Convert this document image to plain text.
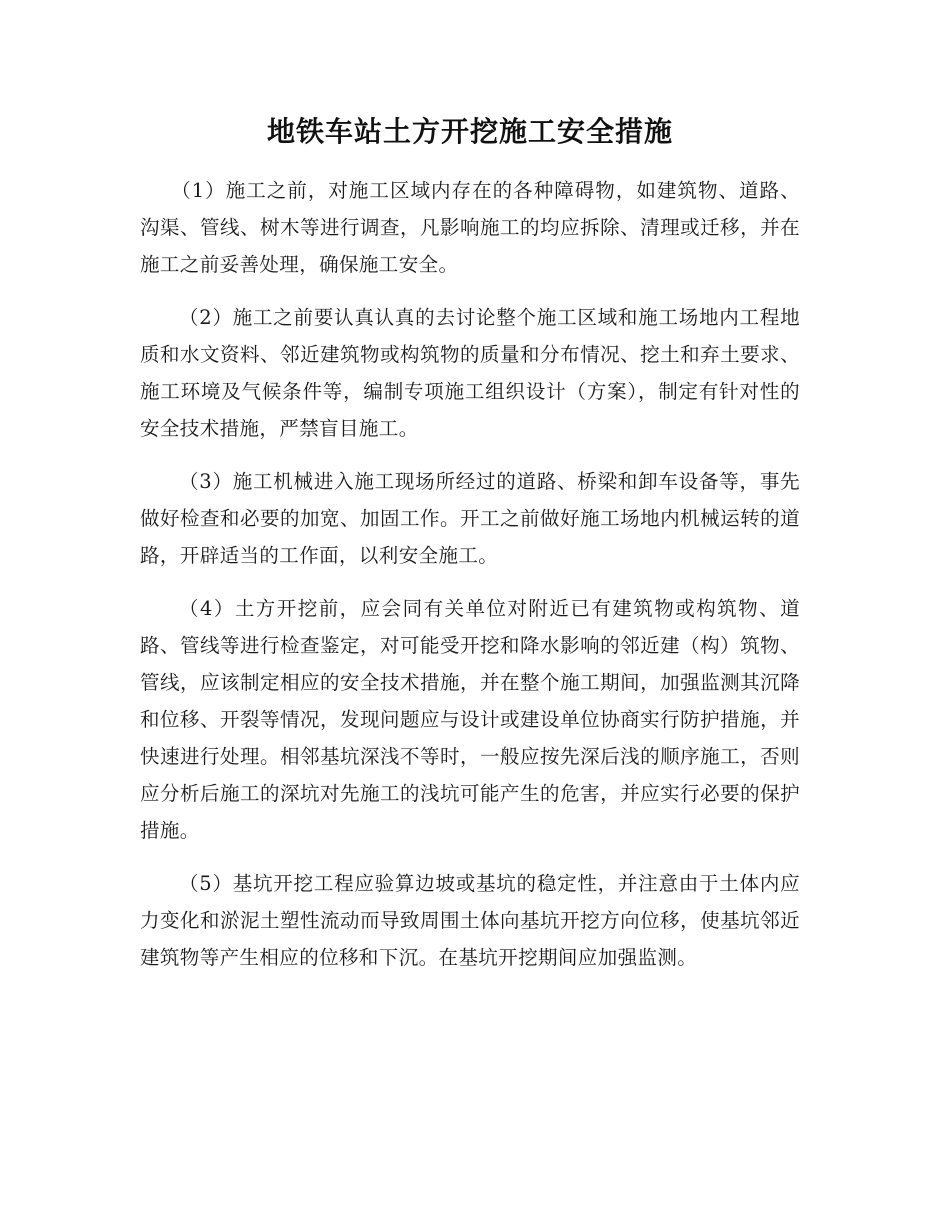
地铁车站土方开挖施工安全措施

（1）施工之前，对施工区域内存在的各种障碍物，如建筑物、道路、沟渠、管线、树木等进行调查，凡影响施工的均应拆除、清理或迁移，并在施工之前妥善处理，确保施工安全。

（2）施工之前要认真认真的去讨论整个施工区域和施工场地内工程地质和水文资料、邻近建筑物或构筑物的质量和分布情况、挖土和弃土要求、施工环境及气候条件等，编制专项施工组织设计（方案），制定有针对性的安全技术措施，严禁盲目施工。

（3）施工机械进入施工现场所经过的道路、桥梁和卸车设备等，事先做好检查和必要的加宽、加固工作。开工之前做好施工场地内机械运转的道路，开辟适当的工作面，以利安全施工。

（4）土方开挖前，应会同有关单位对附近已有建筑物或构筑物、道路、管线等进行检查鉴定，对可能受开挖和降水影响的邻近建（构）筑物、管线，应该制定相应的安全技术措施，并在整个施工期间，加强监测其沉降和位移、开裂等情况，发现问题应与设计或建设单位协商实行防护措施，并快速进行处理。相邻基坑深浅不等时，一般应按先深后浅的顺序施工，否则应分析后施工的深坑对先施工的浅坑可能产生的危害，并应实行必要的保护措施。

（5）基坑开挖工程应验算边坡或基坑的稳定性，并注意由于土体内应力变化和淤泥土塑性流动而导致周围土体向基坑开挖方向位移，使基坑邻近建筑物等产生相应的位移和下沉。在基坑开挖期间应加强监测。
